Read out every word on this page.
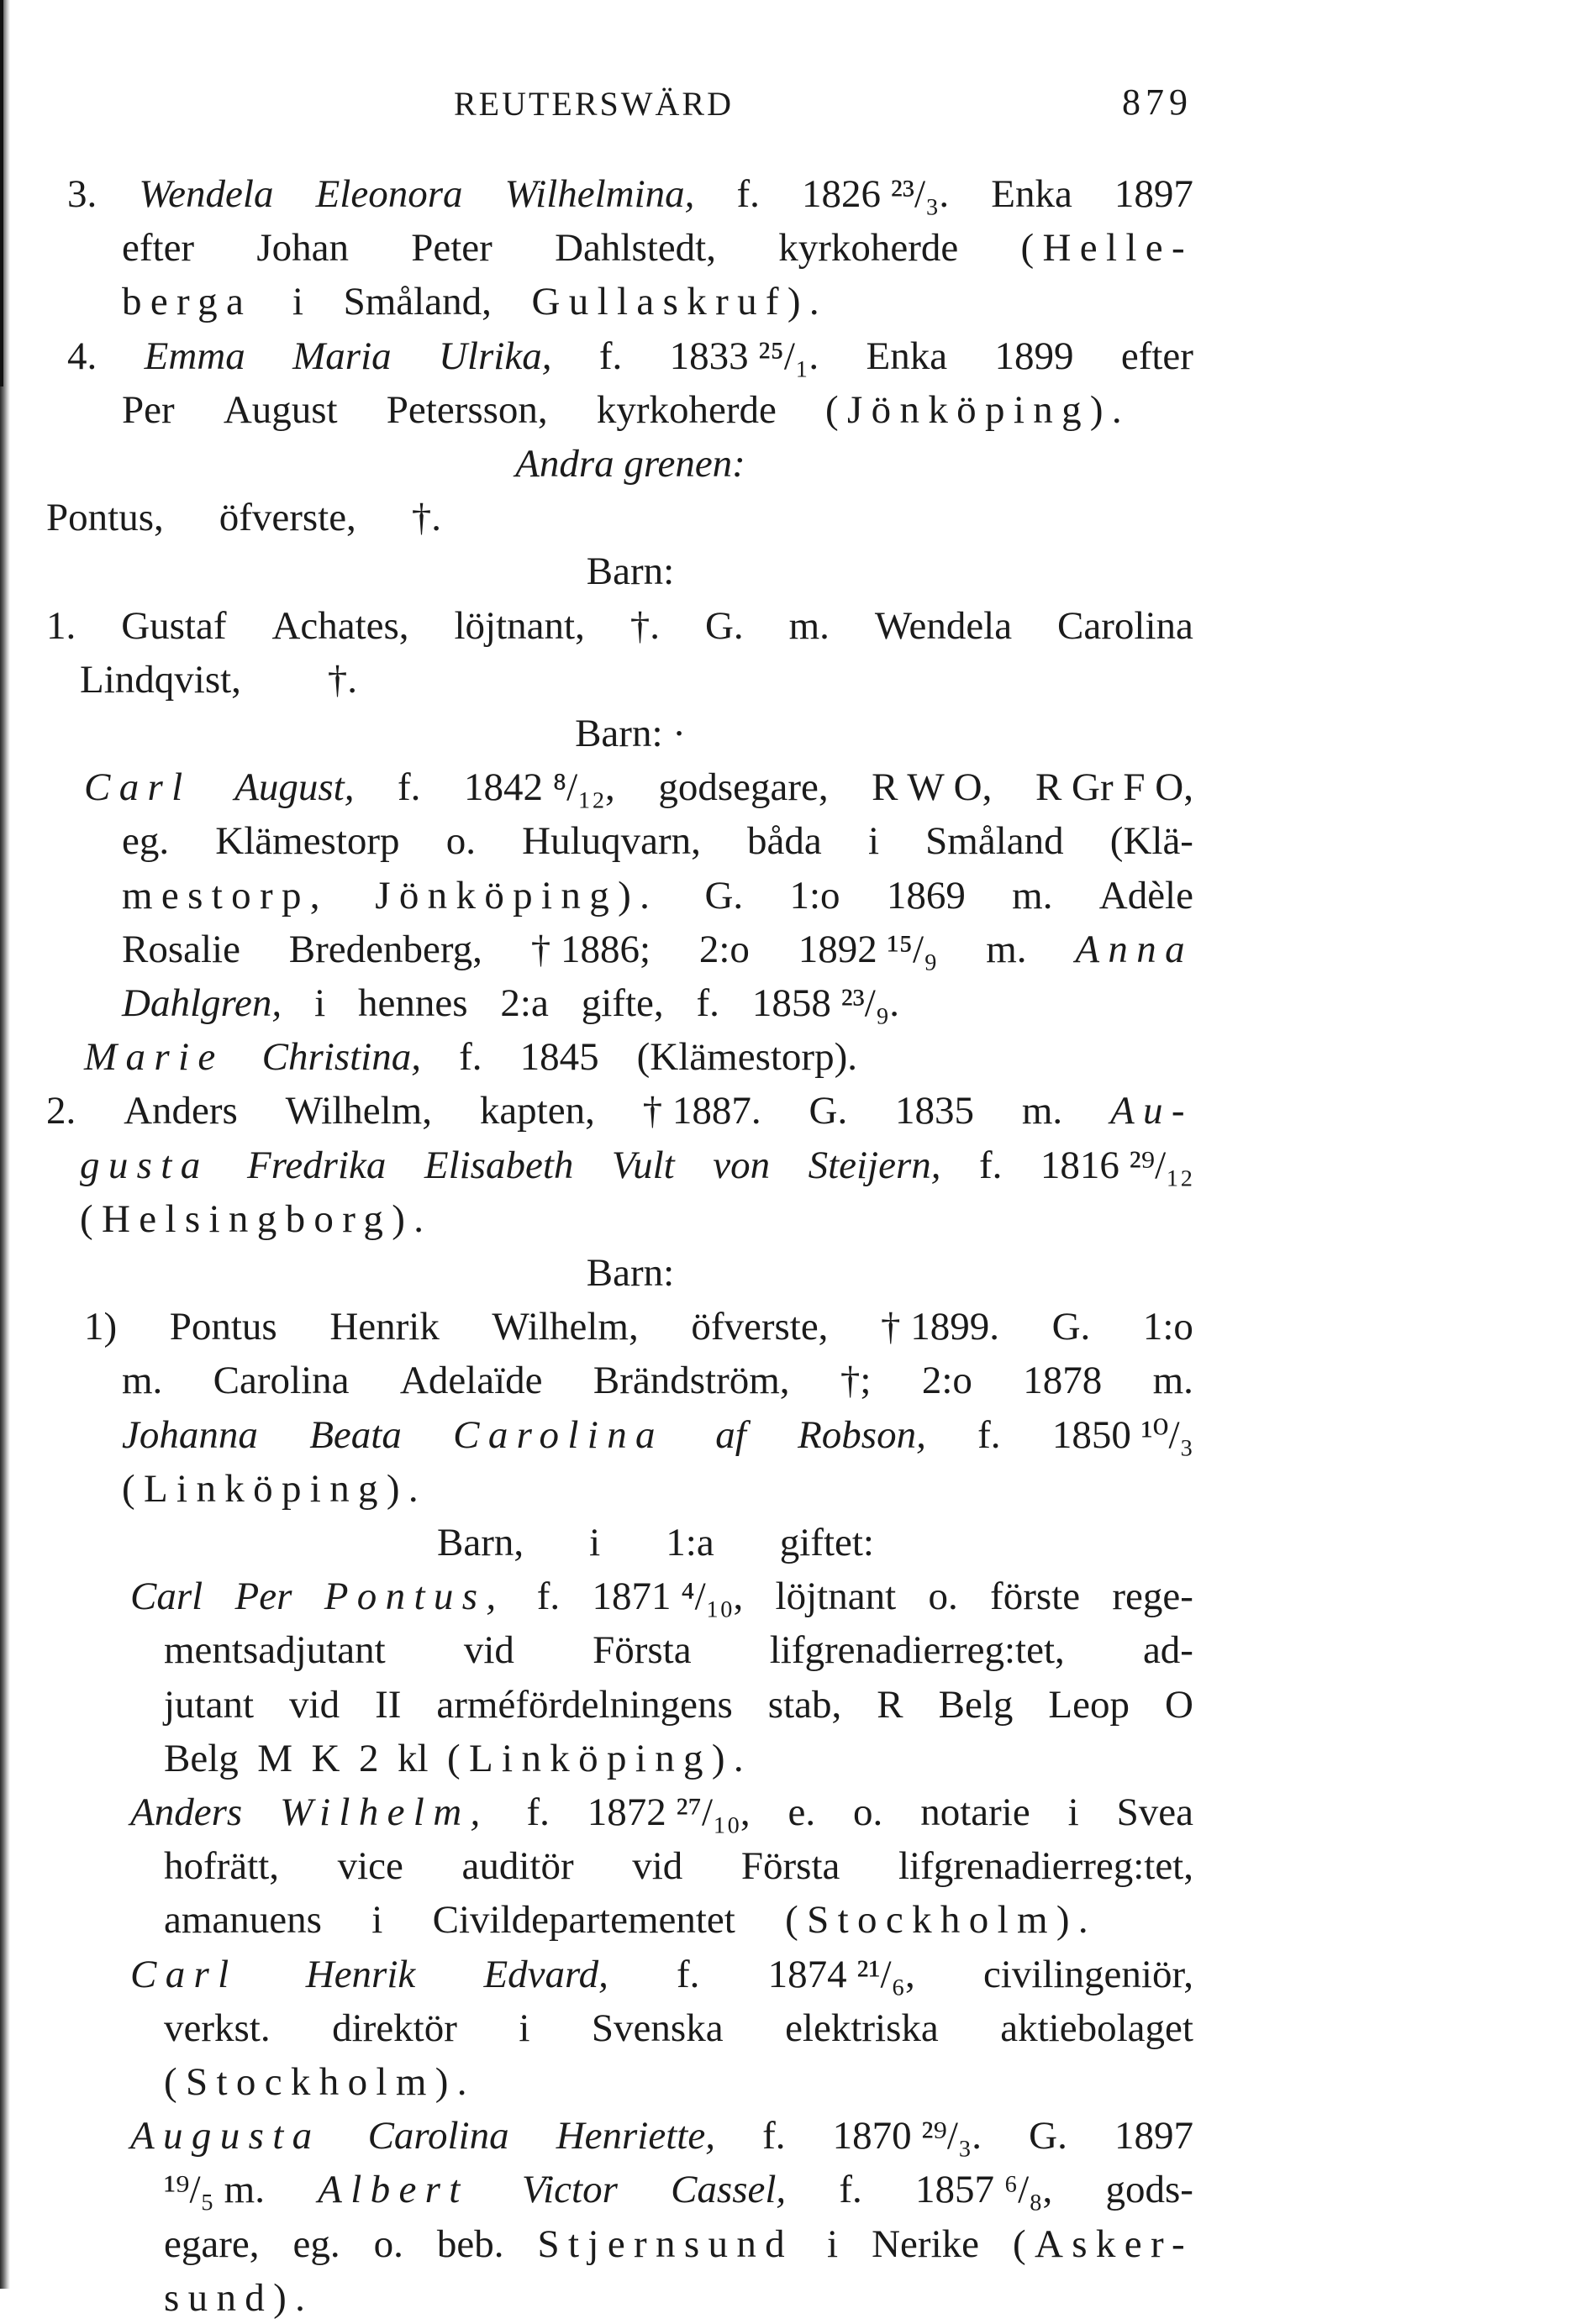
REUTERSWÄRD	879
3. Wendela Eleonora Wilhelmina, f. 1826 ²³/₃. Enka 1897
efter Johan Peter Dahlstedt, kyrkoherde (Helle-
berga i Småland, Gullaskruf).
4. Emma Maria Ulrika, f. 1833 ²⁵/₁. Enka 1899 efter
Per August Petersson, kyrkoherde (Jönköping).
Andra grenen:
Pontus, öfverste, †.
Barn:
1. Gustaf Achates, löjtnant, †. G. m. Wendela Carolina
Lindqvist, †.
Barn: ·
Carl August, f. 1842 ⁸/₁₂, godsegare, R W O, R Gr F O,
eg. Klämestorp o. Huluqvarn, båda i Småland (Klä-
mestorp, Jönköping). G. 1:o 1869 m. Adèle
Rosalie Bredenberg, † 1886; 2:o 1892 ¹⁵/₉ m. Anna
Dahlgren, i hennes 2:a gifte, f. 1858 ²³/₉.
Marie Christina, f. 1845 (Klämestorp).
2. Anders Wilhelm, kapten, † 1887. G. 1835 m. Au-
gusta Fredrika Elisabeth Vult von Steijern, f. 1816 ²⁹/₁₂
(Helsingborg).
Barn:
1) Pontus Henrik Wilhelm, öfverste, † 1899. G. 1:o
m. Carolina Adelaïde Brändström, †; 2:o 1878 m.
Johanna Beata Carolina af Robson, f. 1850 ¹⁰/₃
(Linköping).
Barn, i 1:a giftet:
Carl Per Pontus, f. 1871 ⁴/₁₀, löjtnant o. förste rege-
mentsadjutant vid Första lifgrenadierreg:tet, ad-
jutant vid II arméfördelningens stab, R Belg Leop O
Belg M K 2 kl (Linköping).
Anders Wilhelm, f. 1872 ²⁷/₁₀, e. o. notarie i Svea
hofrätt, vice auditör vid Första lifgrenadierreg:tet,
amanuens i Civildepartementet (Stockholm).
Carl Henrik Edvard, f. 1874 ²¹/₆, civilingeniör,
verkst. direktör i Svenska elektriska aktiebolaget
(Stockholm).
Augusta Carolina Henriette, f. 1870 ²⁹/₃. G. 1897
¹⁹/₅ m. Albert Victor Cassel, f. 1857 ⁶/₈, gods-
egare, eg. o. beb. Stjernsund i Nerike (Asker-
sund).
